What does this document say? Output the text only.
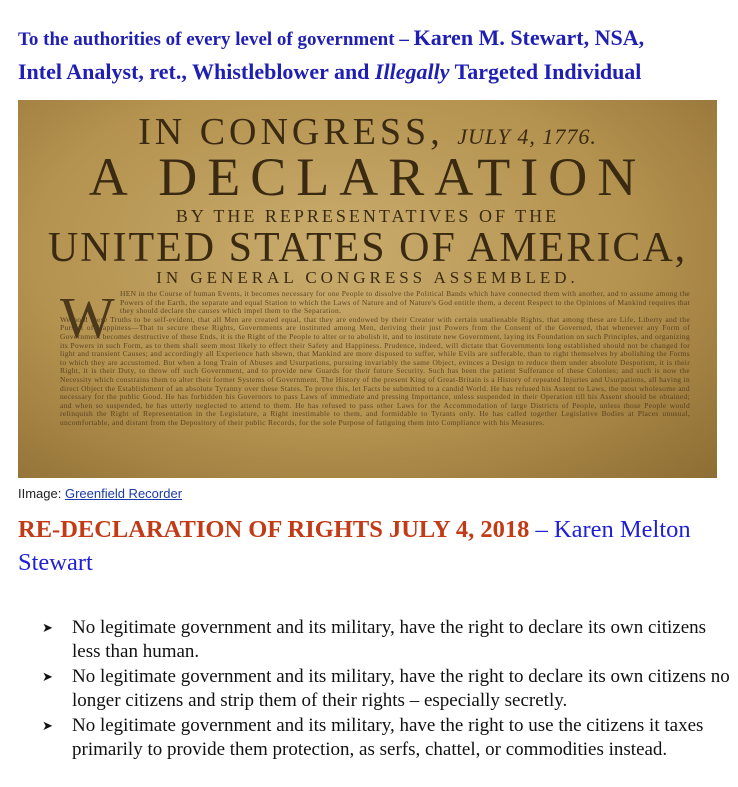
To the authorities of every level of government – Karen M. Stewart, NSA,
Intel Analyst, ret., Whistleblower and Illegally Targeted Individual
IN CONGRESS, JULY 4, 1776.
A DECLARATION
BY THE REPRESENTATIVES OF THE
UNITED STATES OF AMERICA,
IN GENERAL CONGRESS ASSEMBLED.
W HEN in the Course of human Events, it becomes necessary for one People to dissolve the Political Bands which have connected them with another, and to assume among the Powers of the Earth, the separate and equal Station to which the Laws of Nature and of Nature's God entitle them, a decent Respect to the Opinions of Mankind requires that they should declare the causes which impel them to the Separation.

We hold these Truths to be self-evident, that all Men are created equal, that they are endowed by their Creator with certain unalienable Rights, that among these are Life, Liberty and the Pursuit of Happiness—That to secure these Rights, Governments are instituted among Men, deriving their just Powers from the Consent of the Governed, that whenever any Form of Government becomes destructive of these Ends, it is the Right of the People to alter or to abolish it, and to institute new Government, laying its Foundation on such Principles, and organizing its Powers in such Form, as to them shall seem most likely to effect their Safety and Happiness. Prudence, indeed, will dictate that Governments long established should not be changed for light and transient Causes; and accordingly all Experience hath shewn, that Mankind are more disposed to suffer, while Evils are sufferable, than to right themselves by abolishing the Forms to which they are accustomed. But when a long Train of Abuses and Usurpations, pursuing invariably the same Object, evinces a Design to reduce them under absolute Despotism, it is their Right, it is their Duty, to throw off such Government, and to provide new Guards for their future Security. Such has been the patient Sufferance of these Colonies; and such is now the Necessity which constrains them to alter their former Systems of Government. The History of the present King of Great-Britain is a History of repeated Injuries and Usurpations, all having in direct Object the Establishment of an absolute Tyranny over these States. To prove this, let Facts be submitted to a candid World. He has refused his Assent to Laws, the most wholesome and necessary for the public Good. He has forbidden his Governors to pass Laws of immediate and pressing Importance, unless suspended in their Operation till his Assent should be obtained; and when so suspended, he has utterly neglected to attend to them. He has refused to pass other Laws for the Accommodation of large Districts of People, unless those People would relinquish the Right of Representation in the Legislature, a Right inestimable to them, and formidable to Tyrants only. He has called together Legislative Bodies at Places unusual, uncomfortable, and distant from the Depository of their public Records, for the sole Purpose of fatiguing them into Compliance with his Measures.

IImage: Greenfield Recorder
RE-DECLARATION OF RIGHTS JULY 4, 2018 – Karen Melton Stewart
➤ No legitimate government and its military, have the right to declare its own citizens less than human.
➤ No legitimate government and its military, have the right to declare its own citizens no longer citizens and strip them of their rights – especially secretly.
➤ No legitimate government and its military, have the right to use the citizens it taxes primarily to provide them protection, as serfs, chattel, or commodities instead.
